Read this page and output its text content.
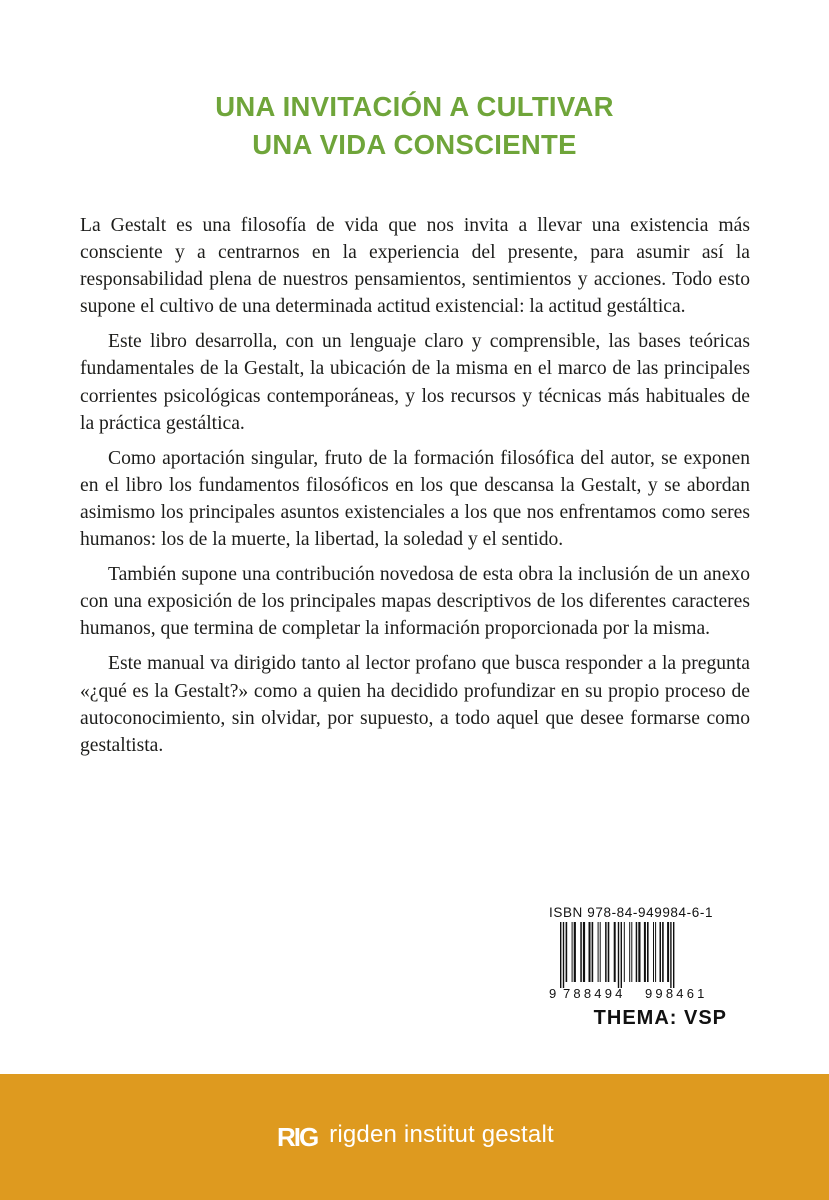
UNA INVITACIÓN A CULTIVAR
UNA VIDA CONSCIENTE

La Gestalt es una filosofía de vida que nos invita a llevar una existencia más consciente y a centrarnos en la experiencia del presente, para asumir así la responsabilidad plena de nuestros pensamientos, sentimientos y acciones. Todo esto supone el cultivo de una determinada actitud existencial: la actitud gestáltica.

Este libro desarrolla, con un lenguaje claro y comprensible, las bases teóricas fundamentales de la Gestalt, la ubicación de la misma en el marco de las principales corrientes psicológicas contemporáneas, y los recursos y técnicas más habituales de la práctica gestáltica.

Como aportación singular, fruto de la formación filosófica del autor, se exponen en el libro los fundamentos filosóficos en los que descansa la Gestalt, y se abordan asimismo los principales asuntos existenciales a los que nos enfrentamos como seres humanos: los de la muerte, la libertad, la soledad y el sentido.

También supone una contribución novedosa de esta obra la inclusión de un anexo con una exposición de los principales mapas descriptivos de los diferentes caracteres humanos, que termina de completar la información proporcionada por la misma.

Este manual va dirigido tanto al lector profano que busca responder a la pregunta «¿qué es la Gestalt?» como a quien ha decidido profundizar en su propio proceso de autoconocimiento, sin olvidar, por supuesto, a todo aquel que desee formarse como gestaltista.

ISBN 978-84-949984-6-1
9 788494 998461
THEMA: VSP
RIG rigden institut gestalt
